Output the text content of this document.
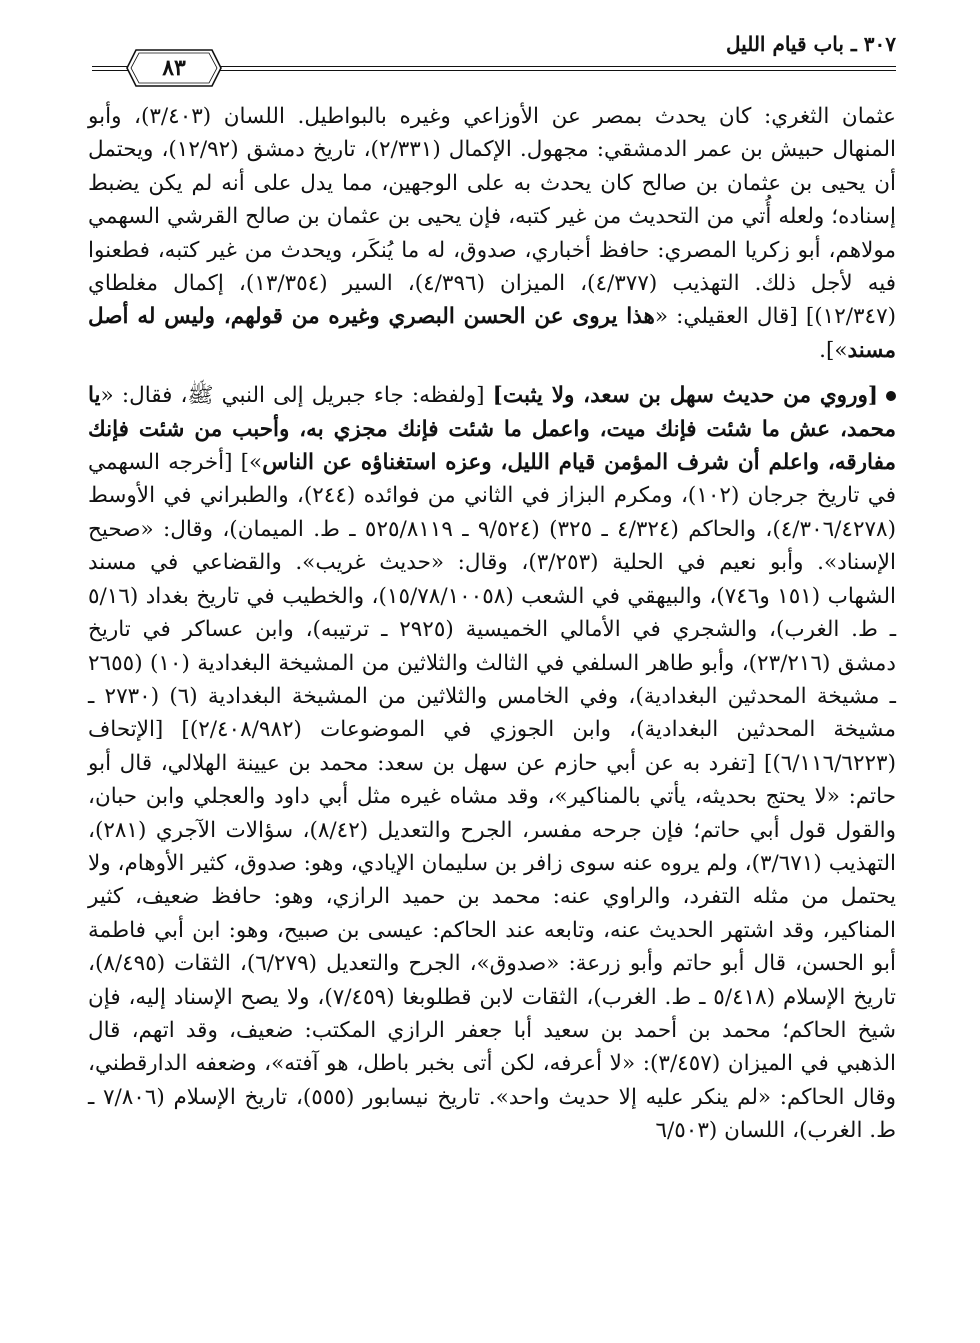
٣٠٧ ـ باب قيام الليل
٨٣

عثمان الثغري: كان يحدث بمصر عن الأوزاعي وغيره بالبواطيل. اللسان (٣/٤٠٣)، وأبو المنهال حبيش بن عمر الدمشقي: مجهول. الإكمال (٢/٣٣١)، تاريخ دمشق (١٢/٩٢)، ويحتمل أن يحيى بن عثمان بن صالح كان يحدث به على الوجهين، مما يدل على أنه لم يكن يضبط إسناده؛ ولعله أُتي من التحديث من غير كتبه، فإن يحيى بن عثمان بن صالح القرشي السهمي مولاهم، أبو زكريا المصري: حافظ أخباري، صدوق، له ما يُنكَر، ويحدث من غير كتبه، فطعنوا فيه لأجل ذلك. التهذيب (٤/٣٧٧)، الميزان (٤/٣٩٦)، السير (١٣/٣٥٤)، إكمال مغلطاي (١٢/٣٤٧)] [قال العقيلي: «هذا يروى عن الحسن البصري وغيره من قولهم، وليس له أصل مسند»].

[وروي من حديث سهل بن سعد، ولا يثبت] [ولفظه: جاء جبريل إلى النبي ﷺ، فقال: «يا محمد، عش ما شئت فإنك ميت، واعمل ما شئت فإنك مجزي به، وأحبب من شئت فإنك مفارقه، واعلم أن شرف المؤمن قيام الليل، وعزه استغناؤه عن الناس»] [أخرجه السهمي في تاريخ جرجان (١٠٢)، ومكرم البزاز في الثاني من فوائده (٢٤٤)، والطبراني في الأوسط (٤/٣٠٦/٤٢٧٨)، والحاكم (٤/٣٢٤ ـ ٣٢٥) (٩/٥٢٤ ـ ٥٢٥/٨١١٩ ـ ط. الميمان)، وقال: «صحيح الإسناد». وأبو نعيم في الحلية (٣/٢٥٣)، وقال: «حديث غريب». والقضاعي في مسند الشهاب (١٥١ و٧٤٦)، والبيهقي في الشعب (١٥/٧٨/١٠٠٥٨)، والخطيب في تاريخ بغداد (٥/١٦ ـ ط. الغرب)، والشجري في الأمالي الخميسية (٢٩٢٥ ـ ترتيبه)، وابن عساكر في تاريخ دمشق (٢٣/٢١٦)، وأبو طاهر السلفي في الثالث والثلاثين من المشيخة البغدادية (١٠) (٢٦٥٥ ـ مشيخة المحدثين البغدادية)، وفي الخامس والثلاثين من المشيخة البغدادية (٦) (٢٧٣٠ ـ مشيخة المحدثين البغدادية)، وابن الجوزي في الموضوعات (٢/٤٠٨/٩٨٢)] [الإتحاف (٦/١١٦/٦٢٢٣)] [تفرد به عن أبي حازم عن سهل بن سعد: محمد بن عيينة الهلالي، قال أبو حاتم: «لا يحتج بحديثه، يأتي بالمناكير»، وقد مشاه غيره مثل أبي داود والعجلي وابن حبان، والقول قول أبي حاتم؛ فإن جرحه مفسر، الجرح والتعديل (٨/٤٢)، سؤالات الآجري (٢٨١)، التهذيب (٣/٦٧١)، ولم يروه عنه سوى زافر بن سليمان الإيادي، وهو: صدوق، كثير الأوهام، ولا يحتمل من مثله التفرد، والراوي عنه: محمد بن حميد الرازي، وهو: حافظ ضعيف، كثير المناكير، وقد اشتهر الحديث عنه، وتابعه عند الحاكم: عيسى بن صبيح، وهو: ابن أبي فاطمة أبو الحسن، قال أبو حاتم وأبو زرعة: «صدوق»، الجرح والتعديل (٦/٢٧٩)، الثقات (٨/٤٩٥)، تاريخ الإسلام (٥/٤١٨ ـ ط. الغرب)، الثقات لابن قطلوبغا (٧/٤٥٩)، ولا يصح الإسناد إليه، فإن شيخ الحاكم؛ محمد بن أحمد بن سعيد أبا جعفر الرازي المكتب: ضعيف، وقد اتهم، قال الذهبي في الميزان (٣/٤٥٧): «لا أعرفه، لكن أتى بخبر باطل، هو آفته»، وضعفه الدارقطني، وقال الحاكم: «لم ينكر عليه إلا حديث واحد». تاريخ نيسابور (٥٥٥)، تاريخ الإسلام (٧/٨٠٦ ـ ط. الغرب)، اللسان (٦/٥٠٣
